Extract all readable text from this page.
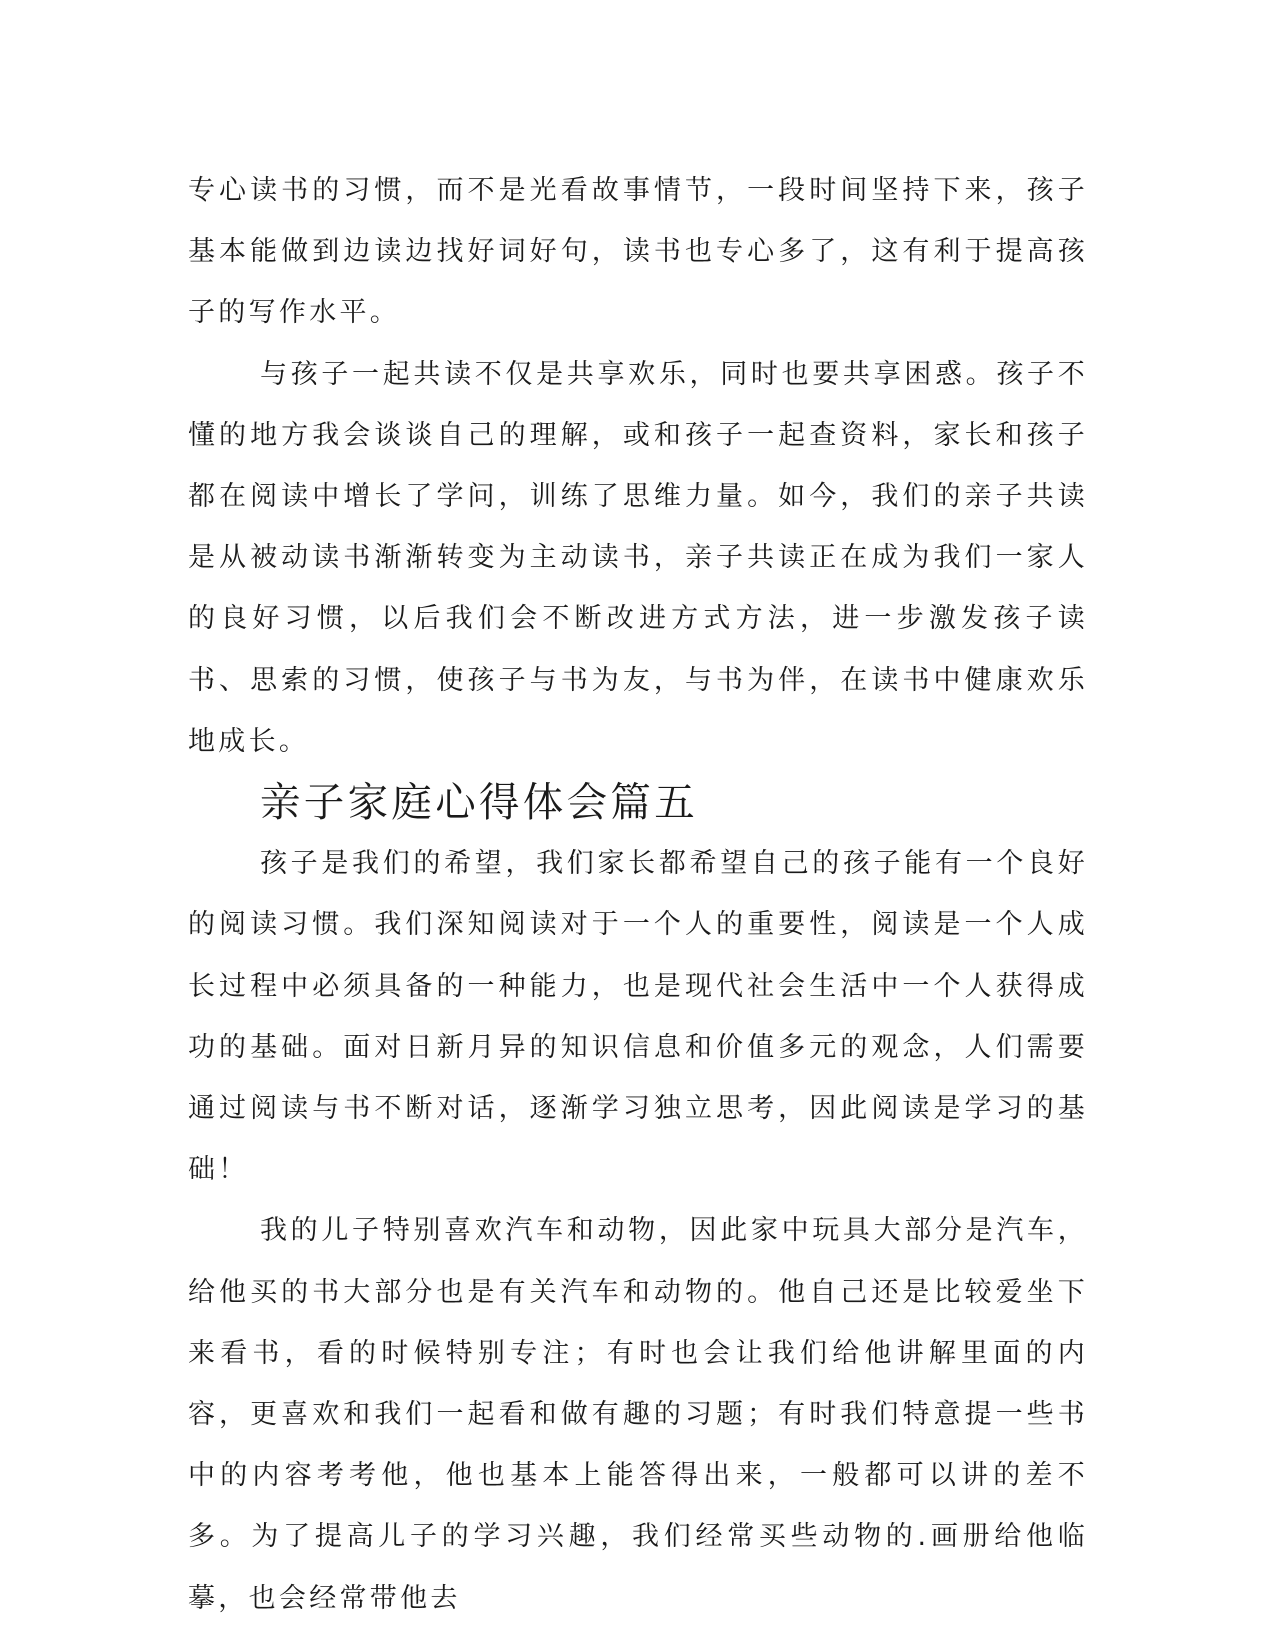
专心读书的习惯，而不是光看故事情节，一段时间坚持下来，孩子基本能做到边读边找好词好句，读书也专心多了，这有利于提高孩子的写作水平。

与孩子一起共读不仅是共享欢乐，同时也要共享困惑。孩子不懂的地方我会谈谈自己的理解，或和孩子一起查资料，家长和孩子都在阅读中增长了学问，训练了思维力量。如今，我们的亲子共读是从被动读书渐渐转变为主动读书，亲子共读正在成为我们一家人的良好习惯，以后我们会不断改进方式方法，进一步激发孩子读书、思索的习惯，使孩子与书为友，与书为伴，在读书中健康欢乐地成长。

亲子家庭心得体会篇五

孩子是我们的希望，我们家长都希望自己的孩子能有一个良好的阅读习惯。我们深知阅读对于一个人的重要性，阅读是一个人成长过程中必须具备的一种能力，也是现代社会生活中一个人获得成功的基础。面对日新月异的知识信息和价值多元的观念，人们需要通过阅读与书不断对话，逐渐学习独立思考，因此阅读是学习的基础！

我的儿子特别喜欢汽车和动物，因此家中玩具大部分是汽车，给他买的书大部分也是有关汽车和动物的。他自己还是比较爱坐下来看书，看的时候特别专注；有时也会让我们给他讲解里面的内容，更喜欢和我们一起看和做有趣的习题；有时我们特意提一些书中的内容考考他，他也基本上能答得出来，一般都可以讲的差不多。为了提高儿子的学习兴趣，我们经常买些动物的.画册给他临摹，也会经常带他去
